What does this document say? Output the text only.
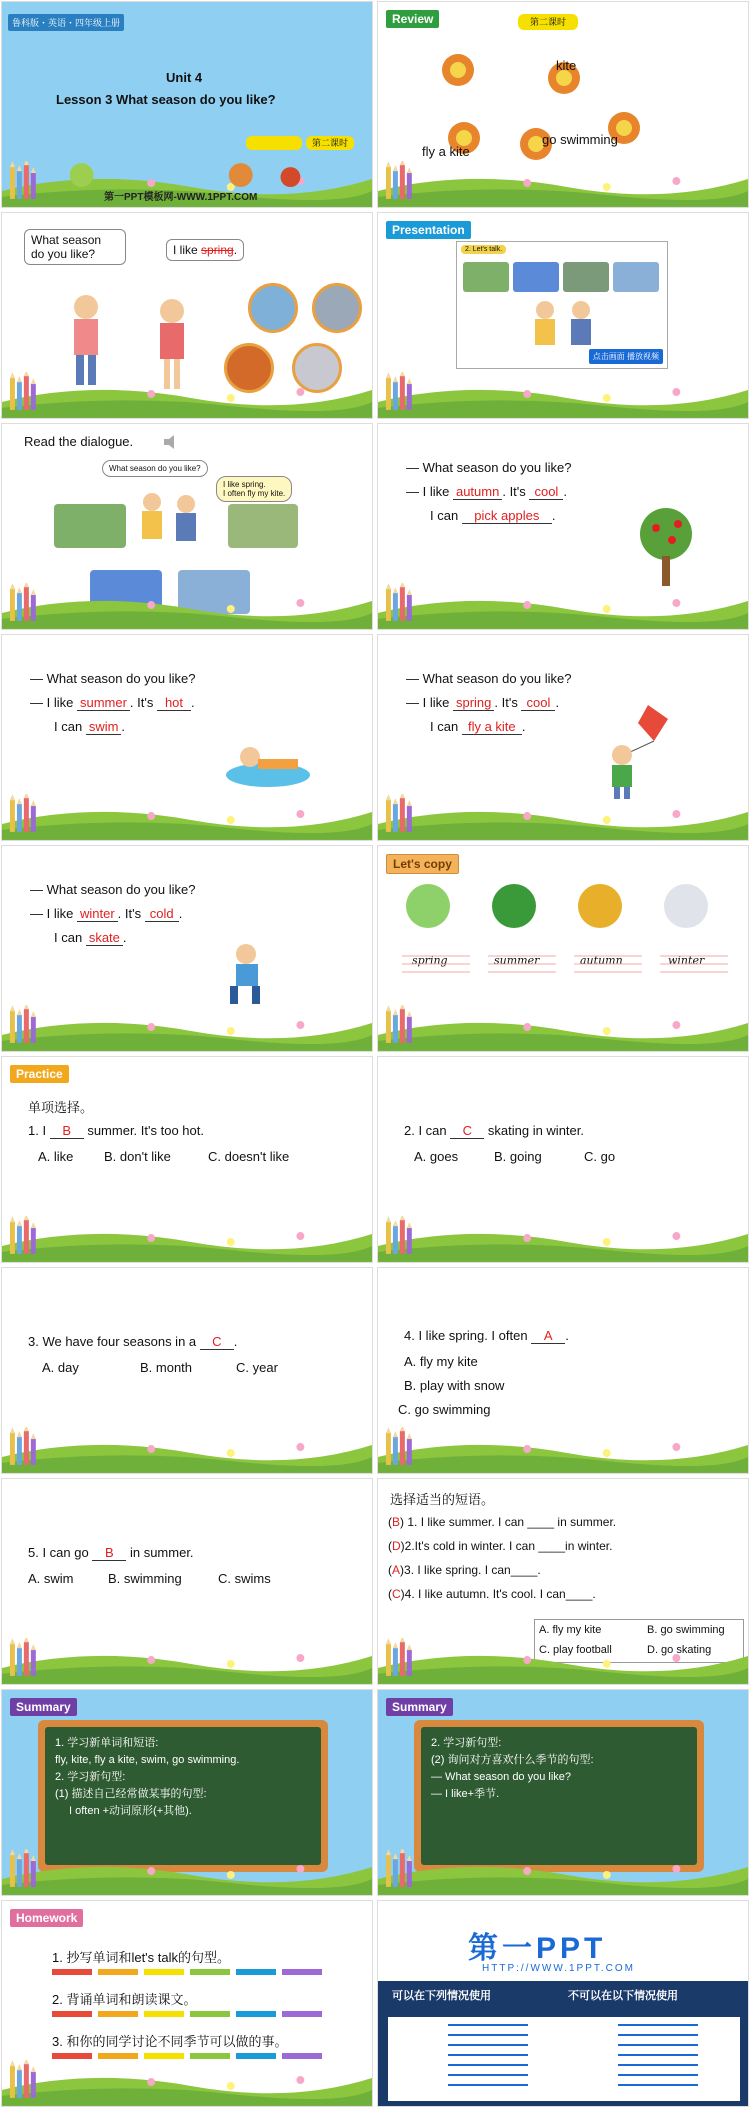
鲁科版・英语・四年级上册
Unit 4
Lesson 3 What season do you like?
第二课时
第一PPT模板网-WWW.1PPT.COM
Review	第二课时
kite
fly a kite
go swimming
What season
do you like?	I like spring.
Presentation
2. Let's talk.
点击画面 播放视频
Read the dialogue.
What season do you like?
I like spring.
I often fly my kite.
— What season do you like?
— I like autumn . It's cool .
I can pick apples .
— What season do you like?
— I like summer . It's hot .
I can swim .
— What season do you like?
— I like spring . It's cool .
I can fly a kite .
— What season do you like?
— I like winter . It's cold .
I can skate .
Let's copy
spring	summer	autumn	winter
Practice
单项选择。
1. I B summer. It's too hot.
A. like B. don't like	C. doesn't like
2. I can C skating in winter.
A. goes	B. going	C. go
3. We have four seasons in a C .
A. day	B. month	C. year
4. I like spring. I often A .
A. fly my kite
B. play with snow
C. go swimming
5. I can go B in summer.
A. swim	B. swimming	C. swims
选择适当的短语。
(B) 1. I like summer. I can ____ in summer.
(D)2.It's cold in winter. I can ____in winter.
(A)3. I like spring. I can____.
(C)4. I like autumn. It's cool. I can____.
A. fly my kite	B. go swimming
C. play football	D. go skating
Summary
1. 学习新单词和短语:
fly, kite, fly a kite, swim, go swimming.
2. 学习新句型:
(1) 描述自己经常做某事的句型:
I often +动词原形(+其他).
Summary
2. 学习新句型:
(2) 询问对方喜欢什么季节的句型:
— What season do you like?
— I like+季节.
Homework
1. 抄写单词和let's talk的句型。
2. 背诵单词和朗读课文。
3. 和你的同学讨论不同季节可以做的事。
第一PPT
HTTP://WWW.1PPT.COM
可以在下列情况使用	不可以在以下情况使用
